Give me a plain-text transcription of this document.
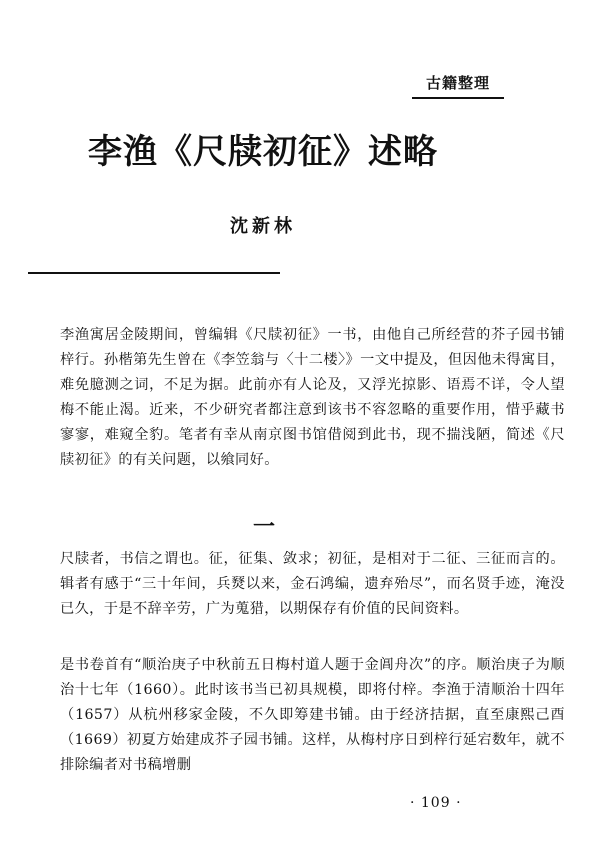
古籍整理
李渔《尺牍初征》述略
沈新林

李渔寓居金陵期间，曾编辑《尺牍初征》一书，由他自己所经营的芥子园书铺梓行。孙楷第先生曾在《李笠翁与〈十二楼〉》一文中提及，但因他未得寓目，难免臆测之词，不足为据。此前亦有人论及，又浮光掠影、语焉不详，令人望梅不能止渴。近来，不少研究者都注意到该书不容忽略的重要作用，惜乎藏书寥寥，难窥全豹。笔者有幸从南京图书馆借阅到此书，现不揣浅陋，简述《尺牍初征》的有关问题，以飨同好。

一

尺牍者，书信之谓也。征，征集、敛求；初征，是相对于二征、三征而言的。辑者有感于“三十年间，兵燹以来，金石鸿编，遗弃殆尽”，而名贤手迹，淹没已久，于是不辞辛劳，广为蒐猎，以期保存有价值的民间资料。

是书卷首有“顺治庚子中秋前五日梅村道人题于金阊舟次”的序。顺治庚子为顺治十七年（1660）。此时该书当已初具规模，即将付梓。李渔于清顺治十四年（1657）从杭州移家金陵，不久即筹建书铺。由于经济拮据，直至康熙己酉（1669）初夏方始建成芥子园书铺。这样，从梅村序日到梓行延宕数年，就不排除编者对书稿增删

· 109 ·
